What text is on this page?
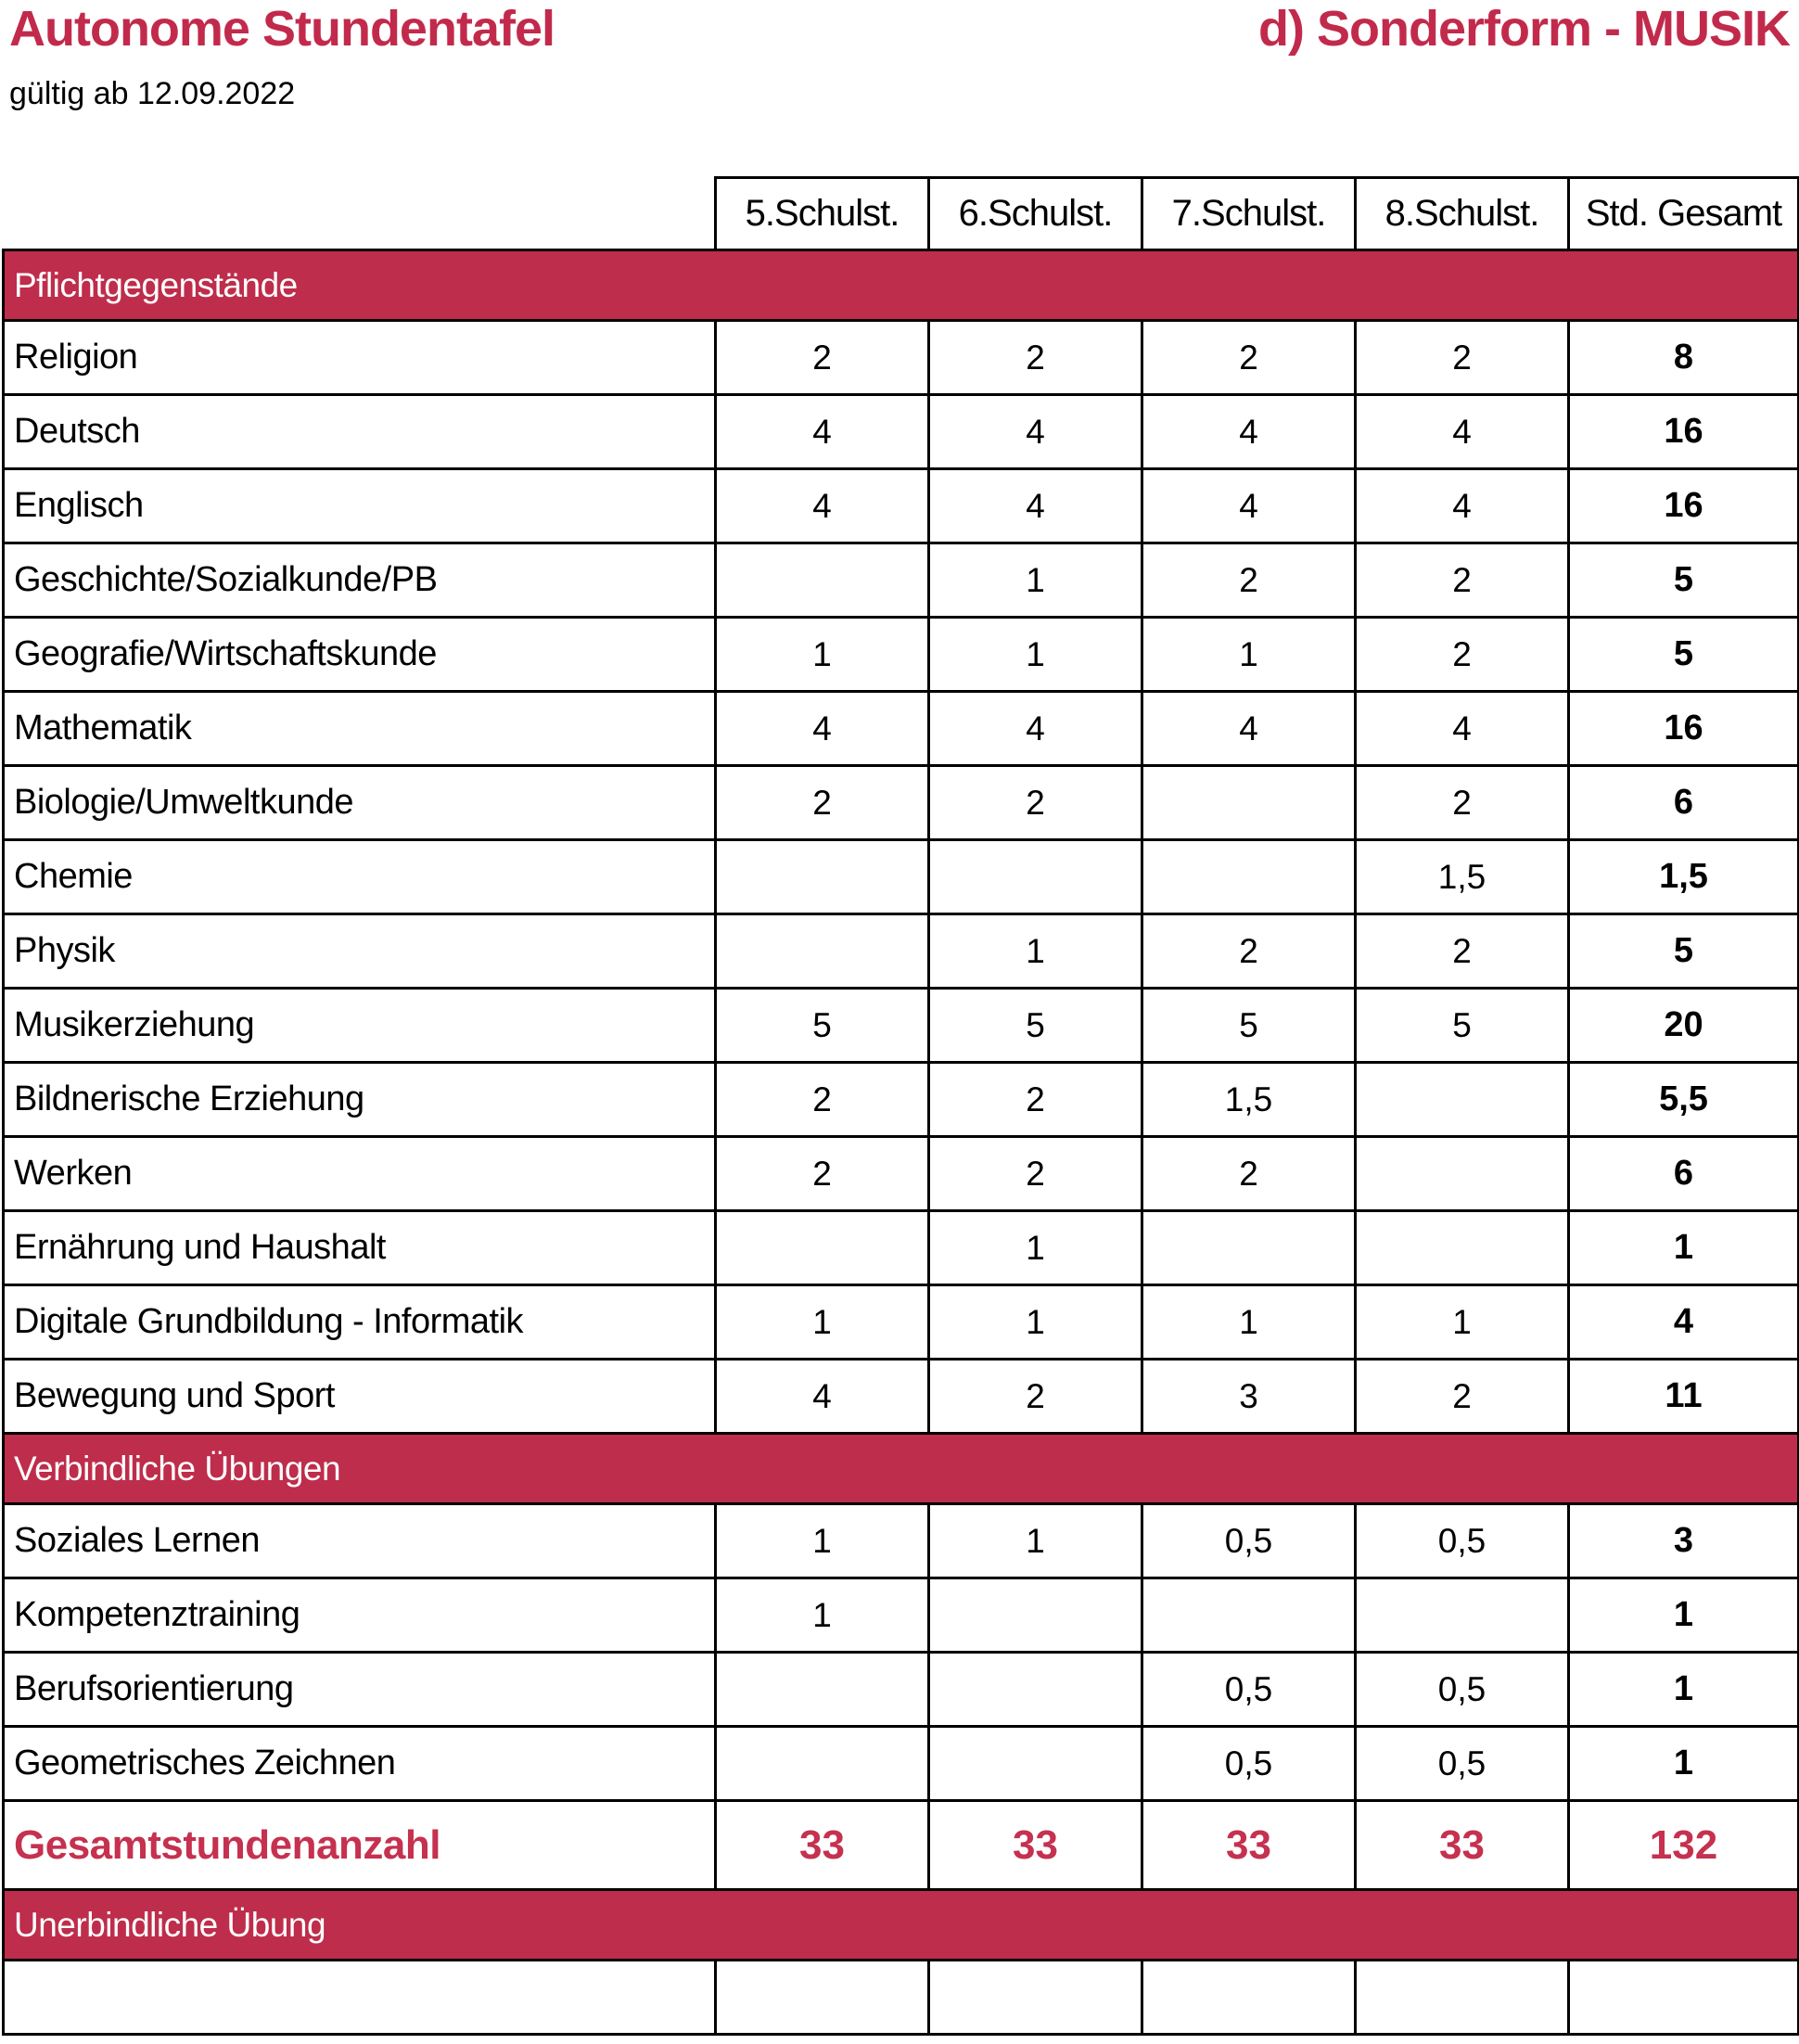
Autonome Stundentafel	d) Sonderform - MUSIK
gültig ab 12.09.2022
	5.Schulst.	6.Schulst.	7.Schulst.	8.Schulst.	Std. Gesamt
Pflichtgegenstände					
Religion	2	2	2	2	8
Deutsch	4	4	4	4	16
Englisch	4	4	4	4	16
Geschichte/Sozialkunde/PB		1	2	2	5
Geografie/Wirtschaftskunde	1	1	1	2	5
Mathematik	4	4	4	4	16
Biologie/Umweltkunde	2	2		2	6
Chemie				1,5	1,5
Physik		1	2	2	5
Musikerziehung	5	5	5	5	20
Bildnerische Erziehung	2	2	1,5		5,5
Werken	2	2	2		6
Ernährung und Haushalt		1			1
Digitale Grundbildung - Informatik	1	1	1	1	4
Bewegung und Sport	4	2	3	2	11
Verbindliche Übungen					
Soziales Lernen	1	1	0,5	0,5	3
Kompetenztraining	1				1
Berufsorientierung			0,5	0,5	1
Geometrisches Zeichnen			0,5	0,5	1
Gesamtstundenanzahl	33	33	33	33	132
Unerbindliche Übung					
